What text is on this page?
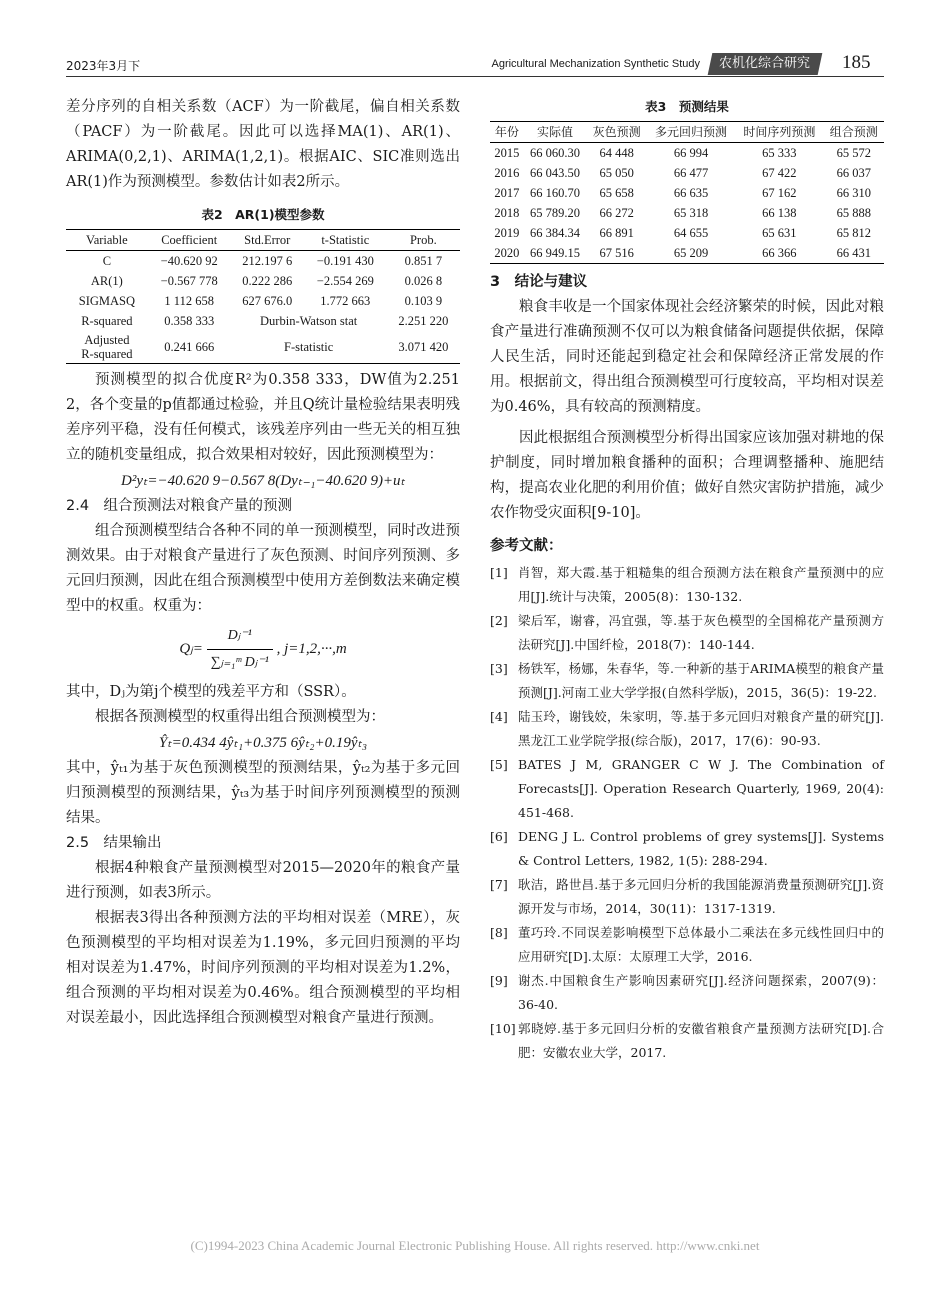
2023年3月下	Agricultural Mechanization Synthetic Study	农机化综合研究	185

差分序列的自相关系数（ACF）为一阶截尾，偏自相关系数（PACF）为一阶截尾。因此可以选择MA(1)、AR(1)、ARIMA(0,2,1)、ARIMA(1,2,1)。根据AIC、SIC准则选出AR(1)作为预测模型。参数估计如表2所示。

表2　AR(1)模型参数
Variable	Coefficient	Std.Error	t-Statistic	Prob.
C	−40.620 92	212.197 6	−0.191 430	0.851 7
AR(1)	−0.567 778	0.222 286	−2.554 269	0.026 8
SIGMASQ	1 112 658	627 676.0	1.772 663	0.103 9
R-squared	0.358 333	Durbin-Watson stat		2.251 220
Adjusted
R-squared	0.241 666	F-statistic		3.071 420

预测模型的拟合优度R²为0.358 333，DW值为2.251 2，各个变量的p值都通过检验，并且Q统计量检验结果表明残差序列平稳，没有任何模式，该残差序列由一些无关的相互独立的随机变量组成，拟合效果相对较好，因此预测模型为：

D²yₜ=−40.620 9−0.567 8(Dyₜ₋₁−40.620 9)+uₜ
2.4　组合预测法对粮食产量的预测

组合预测模型结合各种不同的单一预测模型，同时改进预测效果。由于对粮食产量进行了灰色预测、时间序列预测、多元回归预测，因此在组合预测模型中使用方差倒数法来确定模型中的权重。权重为：

Qⱼ= $\frac{\text{Dⱼ⁻¹}}{\text{∑ⱼ₌₁ᵐ Dⱼ⁻¹}}$ , j=1,2,···,m

其中，Dⱼ为第j个模型的残差平方和（SSR）。

根据各预测模型的权重得出组合预测模型为：

Ŷₜ=0.434 4ŷₜ₁+0.375 6ŷₜ₂+0.19ŷₜ₃

其中，ŷₜ₁为基于灰色预测模型的预测结果，ŷₜ₂为基于多元回归预测模型的预测结果，ŷₜ₃为基于时间序列预测模型的预测结果。

2.5　结果输出

根据4种粮食产量预测模型对2015—2020年的粮食产量进行预测，如表3所示。

根据表3得出各种预测方法的平均相对误差（MRE），灰色预测模型的平均相对误差为1.19%，多元回归预测的平均相对误差为1.47%，时间序列预测的平均相对误差为1.2%，组合预测的平均相对误差为0.46%。组合预测模型的平均相对误差最小，因此选择组合预测模型对粮食产量进行预测。

表3　预测结果
年份	实际值	灰色预测	多元回归预测	时间序列预测	组合预测
2015	66 060.30	64 448	66 994	65 333	65 572
2016	66 043.50	65 050	66 477	67 422	66 037
2017	66 160.70	65 658	66 635	67 162	66 310
2018	65 789.20	66 272	65 318	66 138	65 888
2019	66 384.34	66 891	64 655	65 631	65 812
2020	66 949.15	67 516	65 209	66 366	66 431
3　结论与建议

粮食丰收是一个国家体现社会经济繁荣的时候，因此对粮食产量进行准确预测不仅可以为粮食储备问题提供依据，保障人民生活，同时还能起到稳定社会和保障经济正常发展的作用。根据前文，得出组合预测模型可行度较高，平均相对误差为0.46%，具有较高的预测精度。

因此根据组合预测模型分析得出国家应该加强对耕地的保护制度，同时增加粮食播种的面积；合理调整播种、施肥结构，提高农业化肥的利用价值；做好自然灾害防护措施，减少农作物受灾面积[9-10]。

参考文献：
[1] 肖智，郑大霞.基于粗糙集的组合预测方法在粮食产量预测中的应用[J].统计与决策，2005(8)：130-132.
[2] 梁后军，谢睿，冯宜强，等.基于灰色模型的全国棉花产量预测方法研究[J].中国纤检，2018(7)：140-144.
[3] 杨铁军，杨娜，朱春华，等.一种新的基于ARIMA模型的粮食产量预测[J].河南工业大学学报(自然科学版)，2015，36(5)：19-22.
[4] 陆玉玲，谢钱姣，朱家明，等.基于多元回归对粮食产量的研究[J].黑龙江工业学院学报(综合版)，2017，17(6)：90-93.
[5] BATES J M, GRANGER C W J. The Combination of Forecasts[J]. Operation Research Quarterly, 1969, 20(4): 451-468.
[6] DENG J L. Control problems of grey systems[J]. Systems & Control Letters, 1982, 1(5): 288-294.
[7] 耿洁，路世昌.基于多元回归分析的我国能源消费量预测研究[J].资源开发与市场，2014，30(11)：1317-1319.
[8] 董巧玲.不同误差影响模型下总体最小二乘法在多元线性回归中的应用研究[D].太原：太原理工大学，2016.
[9] 谢杰.中国粮食生产影响因素研究[J].经济问题探索，2007(9)：36-40.
[10] 郭晓婷.基于多元回归分析的安徽省粮食产量预测方法研究[D].合肥：安徽农业大学，2017.
(C)1994-2023 China Academic Journal Electronic Publishing House. All rights reserved. http://www.cnki.net
